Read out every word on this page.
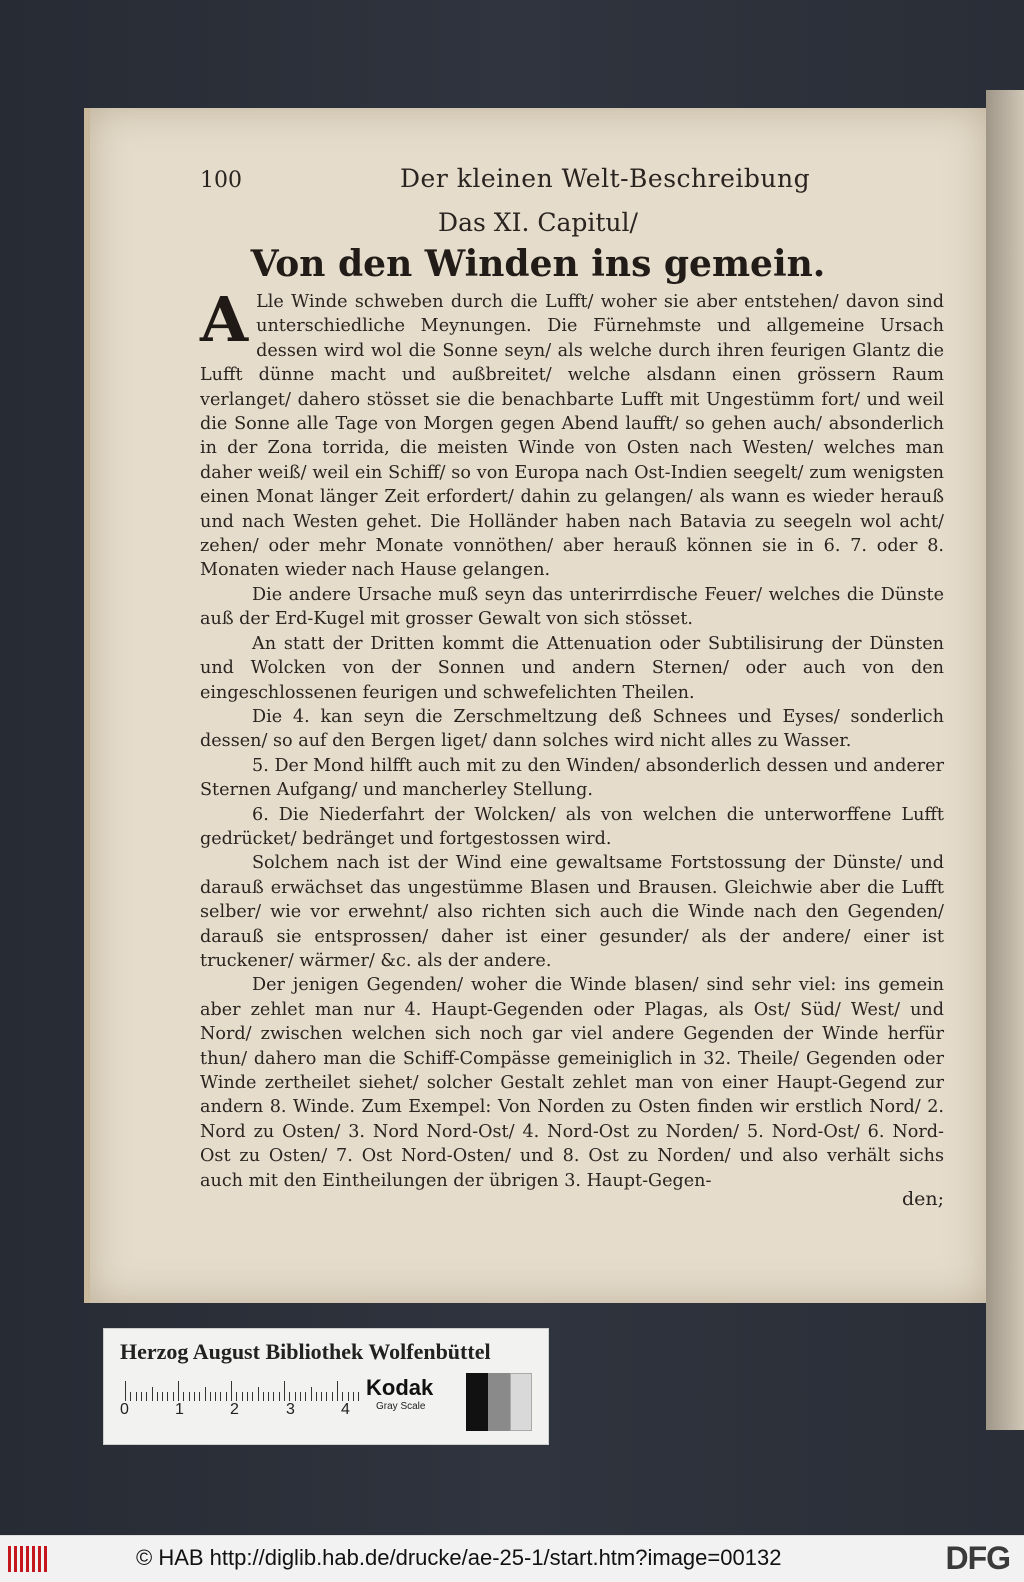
100	Der kleinen Welt-Beschreibung
Das XI. Capitul/
Von den Winden ins gemein.

A Lle Winde schweben durch die Lufft/ woher sie aber entstehen/ davon sind unterschiedliche Meynungen. Die Fürnehmste und allgemeine Ursach dessen wird wol die Sonne seyn/ als welche durch ihren feurigen Glantz die Lufft dünne macht und außbreitet/ welche alsdann einen grössern Raum verlanget/ dahero stösset sie die benachbarte Lufft mit Ungestümm fort/ und weil die Sonne alle Tage von Morgen gegen Abend laufft/ so gehen auch/ absonderlich in der Zona torrida, die meisten Winde von Osten nach Westen/ welches man daher weiß/ weil ein Schiff/ so von Europa nach Ost-Indien seegelt/ zum wenigsten einen Monat länger Zeit erfordert/ dahin zu gelangen/ als wann es wieder herauß und nach Westen gehet. Die Holländer haben nach Batavia zu seegeln wol acht/ zehen/ oder mehr Monate vonnöthen/ aber herauß können sie in 6. 7. oder 8. Monaten wieder nach Hause gelangen.

Die andere Ursache muß seyn das unterirrdische Feuer/ welches die Dünste auß der Erd-Kugel mit grosser Gewalt von sich stösset.

An statt der Dritten kommt die Attenuation oder Subtilisirung der Dünsten und Wolcken von der Sonnen und andern Sternen/ oder auch von den eingeschlossenen feurigen und schwefelichten Theilen.

Die 4. kan seyn die Zerschmeltzung deß Schnees und Eyses/ sonderlich dessen/ so auf den Bergen liget/ dann solches wird nicht alles zu Wasser.

5. Der Mond hilfft auch mit zu den Winden/ absonderlich dessen und anderer Sternen Aufgang/ und mancherley Stellung.

6. Die Niederfahrt der Wolcken/ als von welchen die unterworffene Lufft gedrücket/ bedränget und fortgestossen wird.

Solchem nach ist der Wind eine gewaltsame Fortstossung der Dünste/ und darauß erwächset das ungestümme Blasen und Brausen. Gleichwie aber die Lufft selber/ wie vor erwehnt/ also richten sich auch die Winde nach den Gegenden/ darauß sie entsprossen/ daher ist einer gesunder/ als der andere/ einer ist truckener/ wärmer/ &c. als der andere.

Der jenigen Gegenden/ woher die Winde blasen/ sind sehr viel: ins gemein aber zehlet man nur 4. Haupt-Gegenden oder Plagas, als Ost/ Süd/ West/ und Nord/ zwischen welchen sich noch gar viel andere Gegenden der Winde herfür thun/ dahero man die Schiff-Compässe gemeiniglich in 32. Theile/ Gegenden oder Winde zertheilet siehet/ solcher Gestalt zehlet man von einer Haupt-Gegend zur andern 8. Winde. Zum Exempel: Von Norden zu Osten finden wir erstlich Nord/ 2. Nord zu Osten/ 3. Nord Nord-Ost/ 4. Nord-Ost zu Norden/ 5. Nord-Ost/ 6. Nord-Ost zu Osten/ 7. Ost Nord-Osten/ und 8. Ost zu Norden/ und also verhält sichs auch mit den Eintheilungen der übrigen 3. Haupt-Gegen-

den;
Herzog August Bibliothek Wolfenbüttel
0	1	2	3	4
Kodak
Gray Scale
© HAB http://diglib.hab.de/drucke/ae-25-1/start.htm?image=00132	DFG
